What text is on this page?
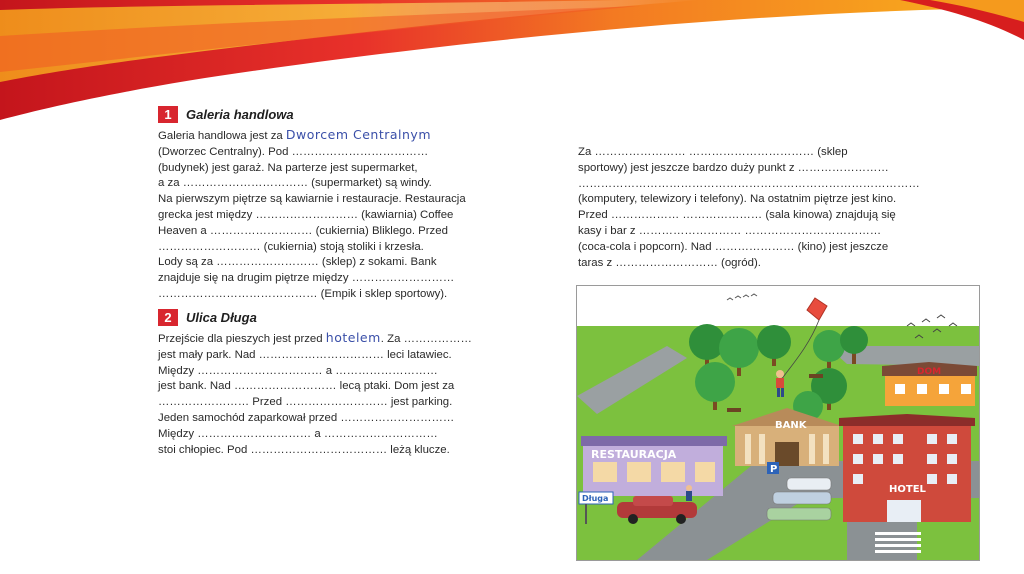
1	Galeria handlowa
Galeria handlowa jest za Dworcem Centralnym
(Dworzec Centralny). Pod ………………………………
(budynek) jest garaż. Na parterze jest supermarket,
a za …………………………… (supermarket) są windy.
Na pierwszym piętrze są kawiarnie i restauracje. Restauracja
grecka jest między ……………………… (kawiarnia) Coffee
Heaven a ……………………… (cukiernia) Bliklego. Przed
……………………… (cukiernia) stoją stoliki i krzesła.
Lody są za ……………………… (sklep) z sokami. Bank
znajduje się na drugim piętrze między ………………………
…………………………………… (Empik i sklep sportowy).
Za …………………… …………………………… (sklep
sportowy) jest jeszcze bardzo duży punkt z ……………………
………………………………………………………………………………
(komputery, telewizory i telefony). Na ostatnim piętrze jest kino.
Przed ……………… ………………… (sala kinowa) znajdują się
kasy i bar z ……………………… ………………………………
(coca-cola i popcorn). Nad ………………… (kino) jest jeszcze
taras z ……………………… (ogród).
2	Ulica Długa
Przejście dla pieszych jest przed hotelem. Za ………………
jest mały park. Nad …………………………… leci latawiec.
Między …………………………… a ………………………
jest bank. Nad ……………………… lecą ptaki. Dom jest za
…………………… Przed ……………………… jest parking.
Jeden samochód zaparkował przed …………………………
Między ………………………… a …………………………
stoi chłopiec. Pod ……………………………… leżą klucze.
DOM
BANK
RESTAURACJA
HOTEL
P
Długa
